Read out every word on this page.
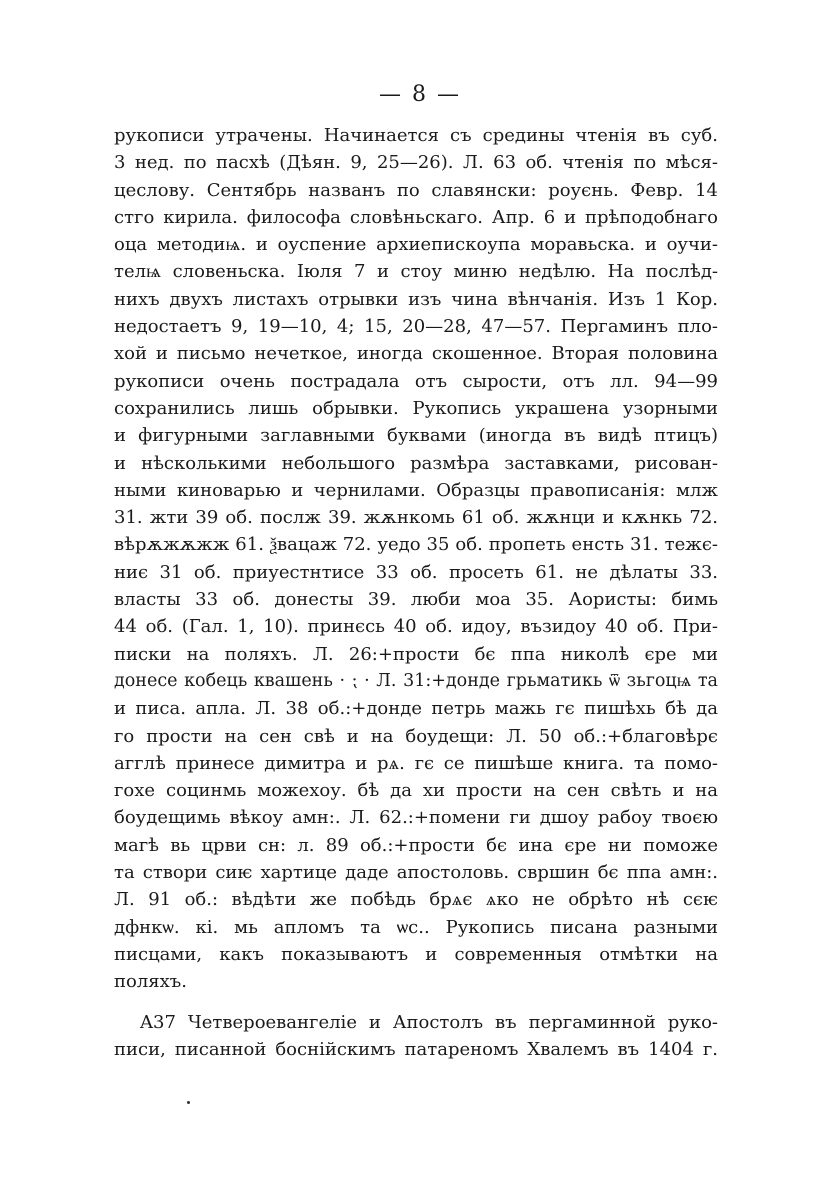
— 8 —
рукописи утрачены. Начинается съ средины чтенія въ суб.
3 нед. по пасхѣ (Дѣян. 9, 25—26). Л. 63 об. чтенія по мѣся-
цеслову. Сентябрь названъ по славянски: роуєнь. Февр. 14
стго кирила. философа словѣньскаго. Апр. 6 и прѣподобнаго
оца методиѩ. и оуспение архиепискоупа моравьска. и оучи-
телѩ словеньска. Іюля 7 и стоу миню недѣлю. На послѣд-
нихъ двухъ листахъ отрывки изъ чина вѣнчанія. Изъ 1 Кор.
недостаетъ 9, 19—10, 4; 15, 20—28, 47—57. Пергаминъ пло-
хой и письмо нечеткое, иногда скошенное. Вторая половина
рукописи очень пострадала отъ сырости, отъ лл. 94—99
сохранились лишь обрывки. Рукопись украшена узорными
и фигурными заглавными буквами (иногда въ видѣ птицъ)
и нѣсколькими небольшого размѣра заставками, рисован-
ными киноварью и чернилами. Образцы правописанія: млж
31. жти 39 об. послж 39. жѫнкомь 61 об. жѫнци и кѫнкь 72.
вѣрѫжѫжж 61. ѯвацаж 72. уедо 35 об. пропеть енсть 31. тежє-
ниє 31 об. приуестнтисе 33 об. просеть 61. не дѣлаты 33.
власты 33 об. донесты 39. люби моа 35. Аористы: бимь
44 об. (Гал. 1, 10). принєсь 40 об. идоу, възидоу 40 об. При-
писки на поляхъ. Л. 26:+прости бє ппа николѣ єре ми
донесе кобець квашень · ⁏ · Л. 31:+донде грьматикь ѿ зьгоцѩ та
и писа. апла. Л. 38 об.:+донде петрь мажь гє пишѣхь бѣ да
го прости на сен свѣ и на боудещи: Л. 50 об.:+благовѣрє
агглѣ принесе димитра и рѧ. гє се пишѣше книга. та помо-
гохе социнмь можехоу. бѣ да хи прости на сен свѣть и на
боудещимь вѣкоу амн:. Л. 62.:+помени ги дшоу рабоу твоєю
магѣ вь црви сн: л. 89 об.:+прости бє ина єре ни поможе
та створи сиѥ хартице даде апостоловь. свршин бє ппа амн:.
Л. 91 об.: вѣдѣти же побѣдь брѧє ѧко не обрѣто нѣ сєѥ
дфнкѡ. кі. мь апломъ та ѡс.. Рукопись писана разными
писцами, какъ показываютъ и современныя отмѣтки на
поляхъ.
A37 Четвероевангеліе и Апостолъ въ пергаминной руко-
писи, писанной боснійскимъ патареномъ Хвалемъ въ 1404 г.
